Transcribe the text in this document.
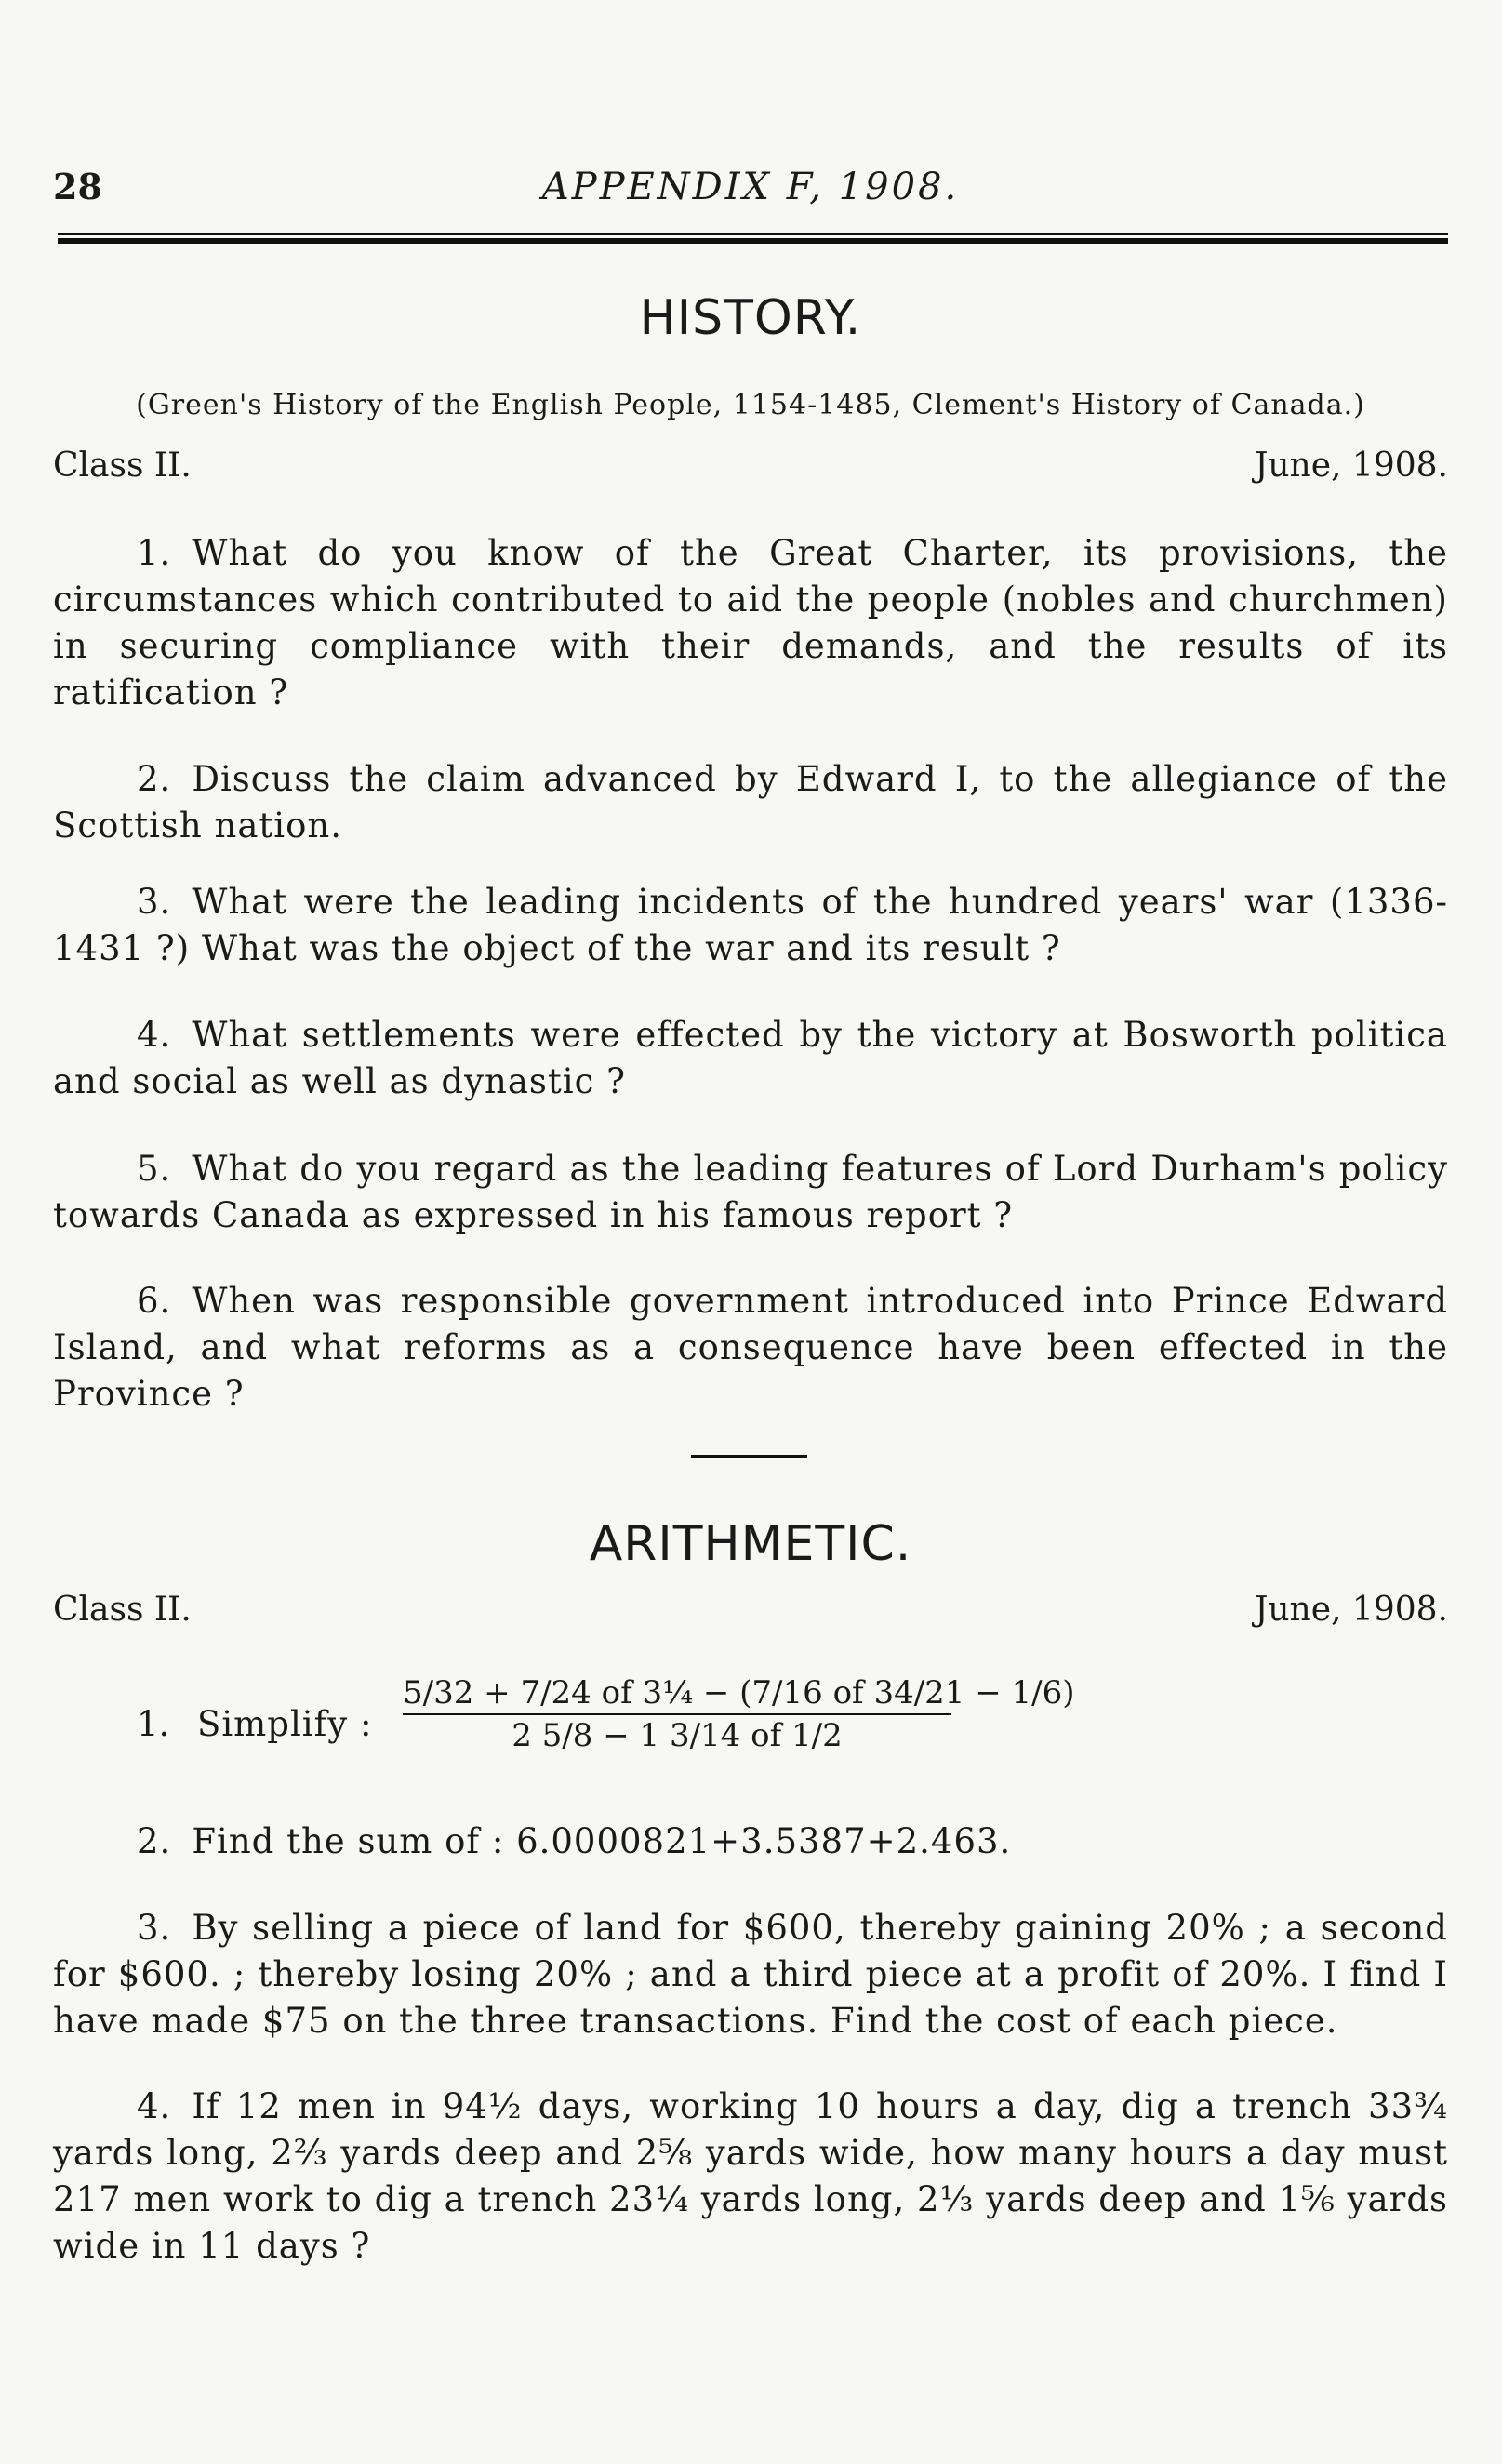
28	APPENDIX F, 1908.
HISTORY.
(Green's History of the English People, 1154-1485, Clement's History of Canada.)
Class II.	June, 1908.
1. What do you know of the Great Charter, its provisions, the circumstances which contributed to aid the people (nobles and churchmen) in securing compliance with their demands, and the results of its ratification ?
2. Discuss the claim advanced by Edward I, to the allegiance of the Scottish nation.
3. What were the leading incidents of the hundred years' war (1336-1431 ?) What was the object of the war and its result ?
4. What settlements were effected by the victory at Bosworth politica and social as well as dynastic ?
5. What do you regard as the leading features of Lord Durham's policy towards Canada as expressed in his famous report ?
6. When was responsible government introduced into Prince Edward Island, and what reforms as a consequence have been effected in the Province ?
ARITHMETIC.
Class II.	June, 1908.
1. Simplify : $\frac{\text{5/32 + 7/24 of 3¼ − (7/16 of 34/21 − 1/6)}}{2 5/8 - 1 3/14 of 1/2}$
2. Find the sum of : 6.0000821+3.5387+2.463.
3. By selling a piece of land for $600, thereby gaining 20% ; a second for $600. ; thereby losing 20% ; and a third piece at a profit of 20%. I find I have made $75 on the three transactions. Find the cost of each piece.
4. If 12 men in 94½ days, working 10 hours a day, dig a trench 33¾ yards long, 2⅔ yards deep and 2⅝ yards wide, how many hours a day must 217 men work to dig a trench 23¼ yards long, 2⅓ yards deep and 1⅚ yards wide in 11 days ?
